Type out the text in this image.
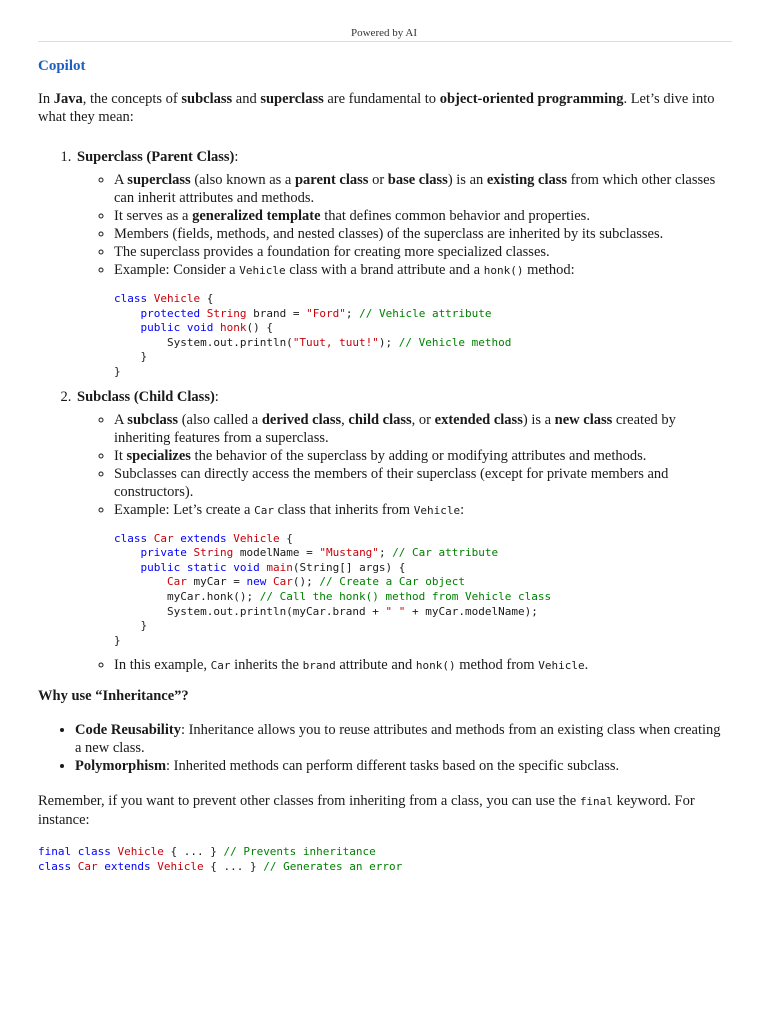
Powered by AI
Copilot

In Java, the concepts of subclass and superclass are fundamental to object-oriented programming. Let’s dive into what they mean:

1. Superclass (Parent Class):
◦ A superclass (also known as a parent class or base class) is an existing class from which other classes can inherit attributes and methods.
◦ It serves as a generalized template that defines common behavior and properties.
◦ Members (fields, methods, and nested classes) of the superclass are inherited by its subclasses.
◦ The superclass provides a foundation for creating more specialized classes.
◦ Example: Consider a Vehicle class with a brand attribute and a honk() method:
class Vehicle {
protected String brand = "Ford"; // Vehicle attribute
public void honk() {
System.out.println("Tuut, tuut!"); // Vehicle method
}
}
2. Subclass (Child Class):
◦ A subclass (also called a derived class, child class, or extended class) is a new class created by inheriting features from a superclass.
◦ It specializes the behavior of the superclass by adding or modifying attributes and methods.
◦ Subclasses can directly access the members of their superclass (except for private members and constructors).
◦ Example: Let’s create a Car class that inherits from Vehicle:
class Car extends Vehicle {
private String modelName = "Mustang"; // Car attribute
public static void main(String[] args) {
Car myCar = new Car(); // Create a Car object
myCar.honk(); // Call the honk() method from Vehicle class
System.out.println(myCar.brand + " " + myCar.modelName);
}
}
◦ In this example, Car inherits the brand attribute and honk() method from Vehicle.

Why use “Inheritance”?

• Code Reusability: Inheritance allows you to reuse attributes and methods from an existing class when creating a new class.
• Polymorphism: Inherited methods can perform different tasks based on the specific subclass.

Remember, if you want to prevent other classes from inheriting from a class, you can use the final keyword. For instance:

final class Vehicle { ... } // Prevents inheritance
class Car extends Vehicle { ... } // Generates an error
